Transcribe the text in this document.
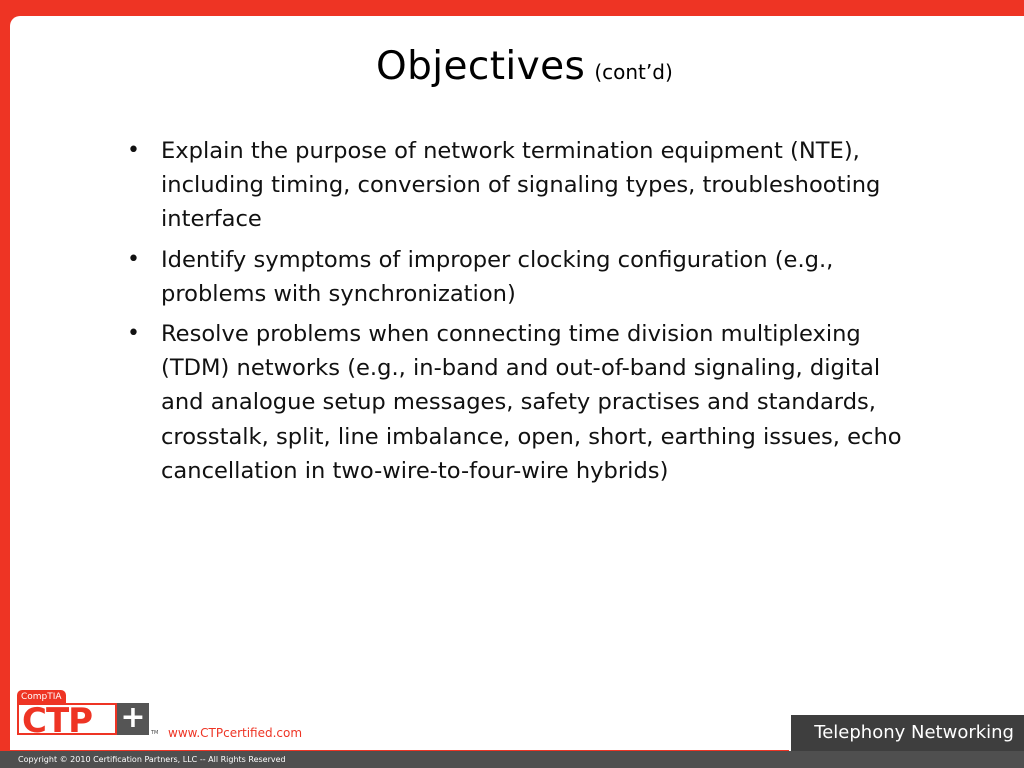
Objectives (cont’d)
• Explain the purpose of network termination equipment (NTE), including timing, conversion of signaling types, troubleshooting interface
• Identify symptoms of improper clocking configuration (e.g., problems with synchronization)
• Resolve problems when connecting time division multiplexing (TDM) networks (e.g., in-band and out-of-band signaling, digital and analogue setup messages, safety practises and standards, crosstalk, split, line imbalance, open, short, earthing issues, echo cancellation in two-wire-to-four-wire hybrids)
CompTIA
CTP +	TM www.CTPcertified.com	Telephony Networking
Copyright © 2010 Certification Partners, LLC -- All Rights Reserved
